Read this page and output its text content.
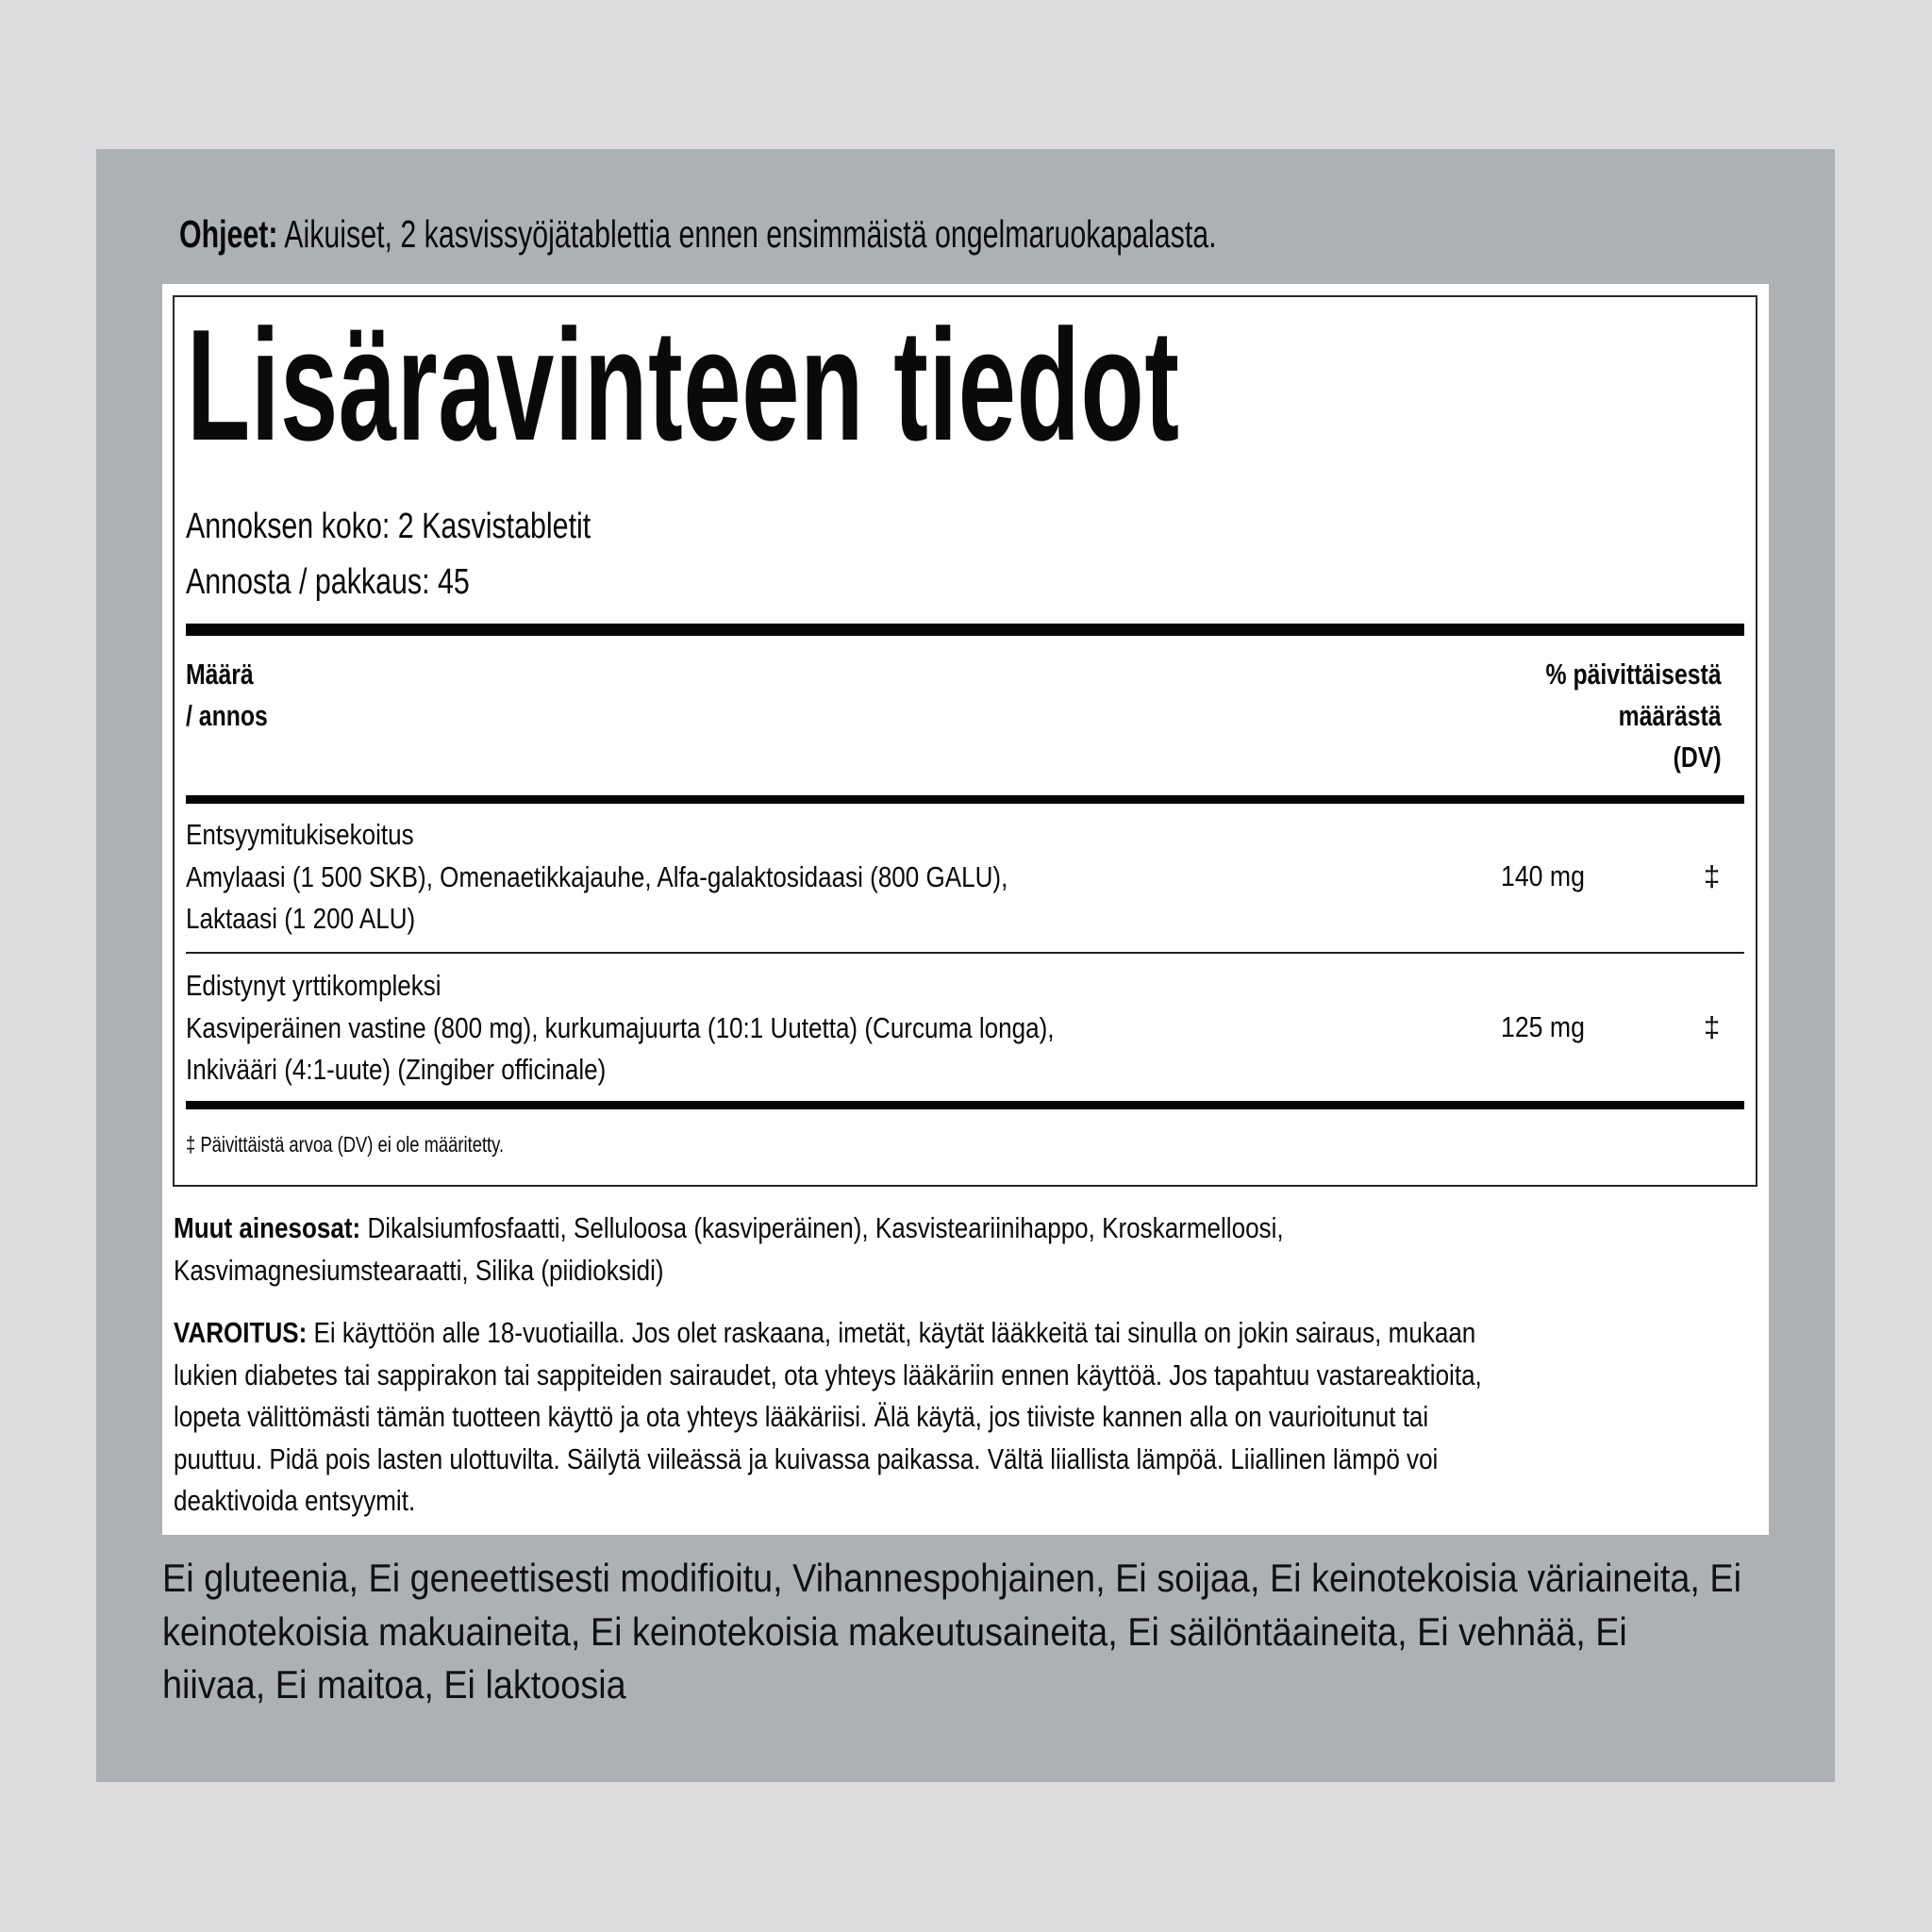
Ohjeet: Aikuiset, 2 kasvissyöjätablettia ennen ensimmäistä ongelmaruokapalasta.
Lisäravinteen tiedot
Annoksen koko: 2 Kasvistabletit
Annosta / pakkaus: 45
Määrä
/ annos
% päivittäisestä
määrästä
(DV)
Entsyymitukisekoitus
Amylaasi (1 500 SKB), Omenaetikkajauhe, Alfa-galaktosidaasi (800 GALU),
Laktaasi (1 200 ALU)
140 mg	‡
Edistynyt yrttikompleksi
Kasviperäinen vastine (800 mg), kurkumajuurta (10:1 Uutetta) (Curcuma longa),
Inkivääri (4:1-uute) (Zingiber officinale)
125 mg	‡
‡ Päivittäistä arvoa (DV) ei ole määritetty.
Muut ainesosat: Dikalsiumfosfaatti, Selluloosa (kasviperäinen), Kasvisteariinihappo, Kroskarmelloosi,
Kasvimagnesiumstearaatti, Silika (piidioksidi)
VAROITUS: Ei käyttöön alle 18-vuotiailla. Jos olet raskaana, imetät, käytät lääkkeitä tai sinulla on jokin sairaus, mukaan
lukien diabetes tai sappirakon tai sappiteiden sairaudet, ota yhteys lääkäriin ennen käyttöä. Jos tapahtuu vastareaktioita,
lopeta välittömästi tämän tuotteen käyttö ja ota yhteys lääkäriisi. Älä käytä, jos tiiviste kannen alla on vaurioitunut tai
puuttuu. Pidä pois lasten ulottuvilta. Säilytä viileässä ja kuivassa paikassa. Vältä liiallista lämpöä. Liiallinen lämpö voi
deaktivoida entsyymit.
Ei gluteenia, Ei geneettisesti modifioitu, Vihannespohjainen, Ei soijaa, Ei keinotekoisia väriaineita, Ei
keinotekoisia makuaineita, Ei keinotekoisia makeutusaineita, Ei säilöntäaineita, Ei vehnää, Ei
hiivaa, Ei maitoa, Ei laktoosia
